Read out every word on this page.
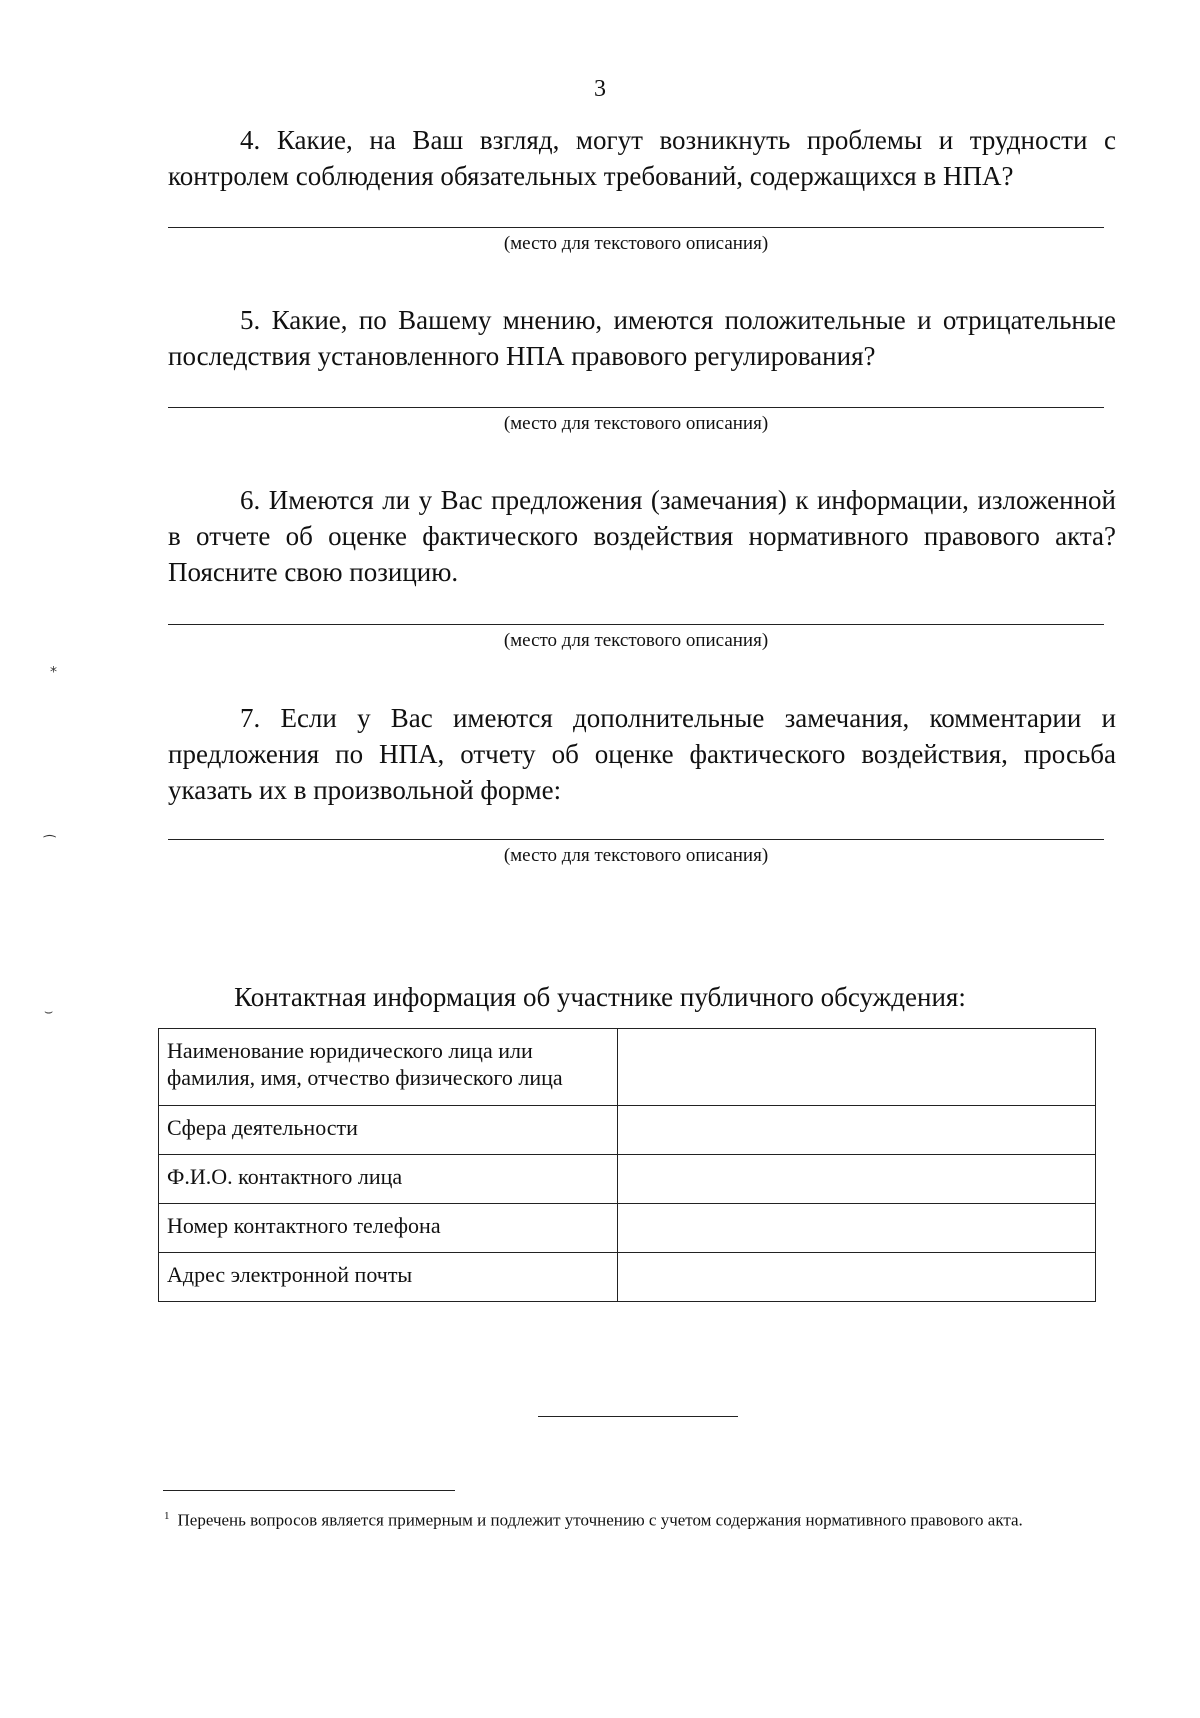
3
4. Какие, на Ваш взгляд, могут возникнуть проблемы и трудности с контролем соблюдения обязательных требований, содержащихся в НПА?
(место для текстового описания)
5. Какие, по Вашему мнению, имеются положительные и отрицательные последствия установленного НПА правового регулирования?
(место для текстового описания)
6. Имеются ли у Вас предложения (замечания) к информации, изложенной в отчете об оценке фактического воздействия нормативного правового акта? Поясните свою позицию.
(место для текстового описания)
7. Если у Вас имеются дополнительные замечания, комментарии и предложения по НПА, отчету об оценке фактического воздействия, просьба указать их в произвольной форме:
(место для текстового описания)
Контактная информация об участнике публичного обсуждения:
Наименование юридического лица или фамилия, имя, отчество физического лица	
Сфера деятельности	
Ф.И.О. контактного лица	
Номер контактного телефона	
Адрес электронной почты	
$^1$ Перечень вопросов является примерным и подлежит уточнению с учетом содержания нормативного правового акта.
⁎
⁀
⌣
